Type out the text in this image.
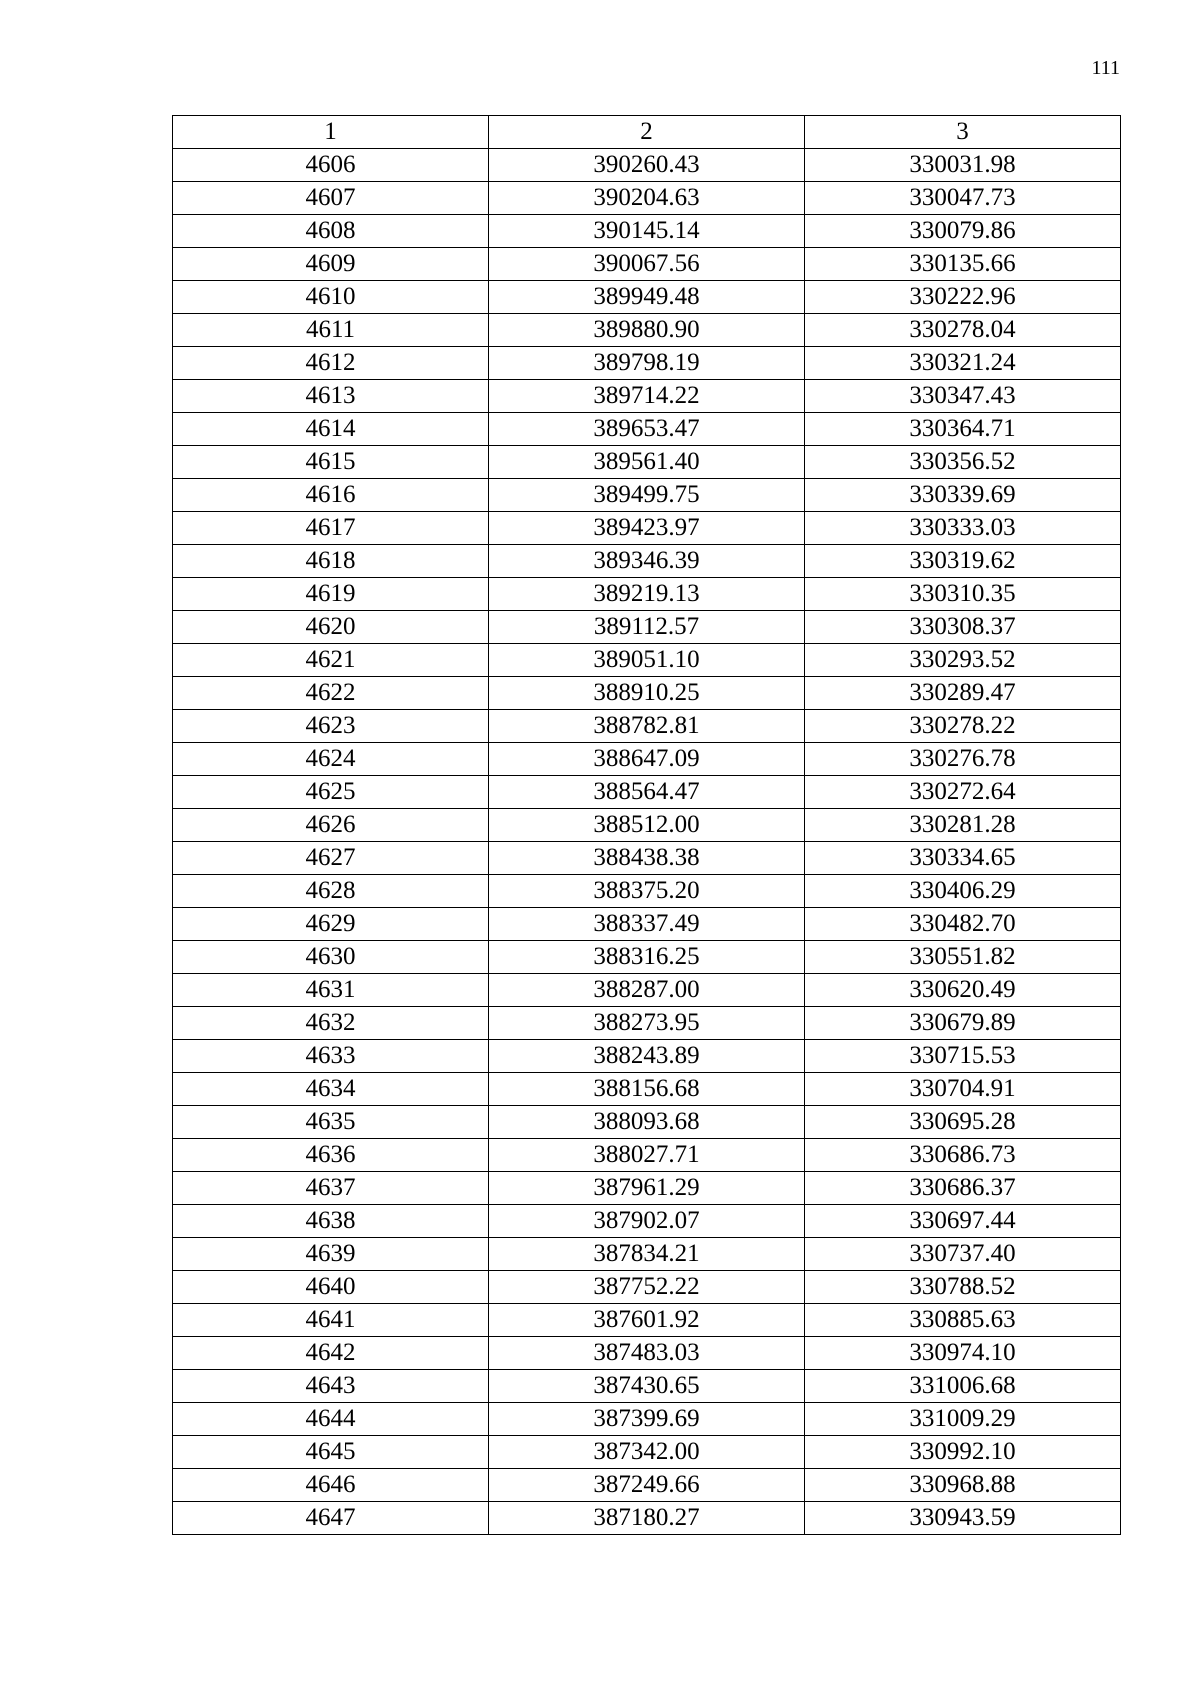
111
1	2	3
4606	390260.43	330031.98
4607	390204.63	330047.73
4608	390145.14	330079.86
4609	390067.56	330135.66
4610	389949.48	330222.96
4611	389880.90	330278.04
4612	389798.19	330321.24
4613	389714.22	330347.43
4614	389653.47	330364.71
4615	389561.40	330356.52
4616	389499.75	330339.69
4617	389423.97	330333.03
4618	389346.39	330319.62
4619	389219.13	330310.35
4620	389112.57	330308.37
4621	389051.10	330293.52
4622	388910.25	330289.47
4623	388782.81	330278.22
4624	388647.09	330276.78
4625	388564.47	330272.64
4626	388512.00	330281.28
4627	388438.38	330334.65
4628	388375.20	330406.29
4629	388337.49	330482.70
4630	388316.25	330551.82
4631	388287.00	330620.49
4632	388273.95	330679.89
4633	388243.89	330715.53
4634	388156.68	330704.91
4635	388093.68	330695.28
4636	388027.71	330686.73
4637	387961.29	330686.37
4638	387902.07	330697.44
4639	387834.21	330737.40
4640	387752.22	330788.52
4641	387601.92	330885.63
4642	387483.03	330974.10
4643	387430.65	331006.68
4644	387399.69	331009.29
4645	387342.00	330992.10
4646	387249.66	330968.88
4647	387180.27	330943.59
